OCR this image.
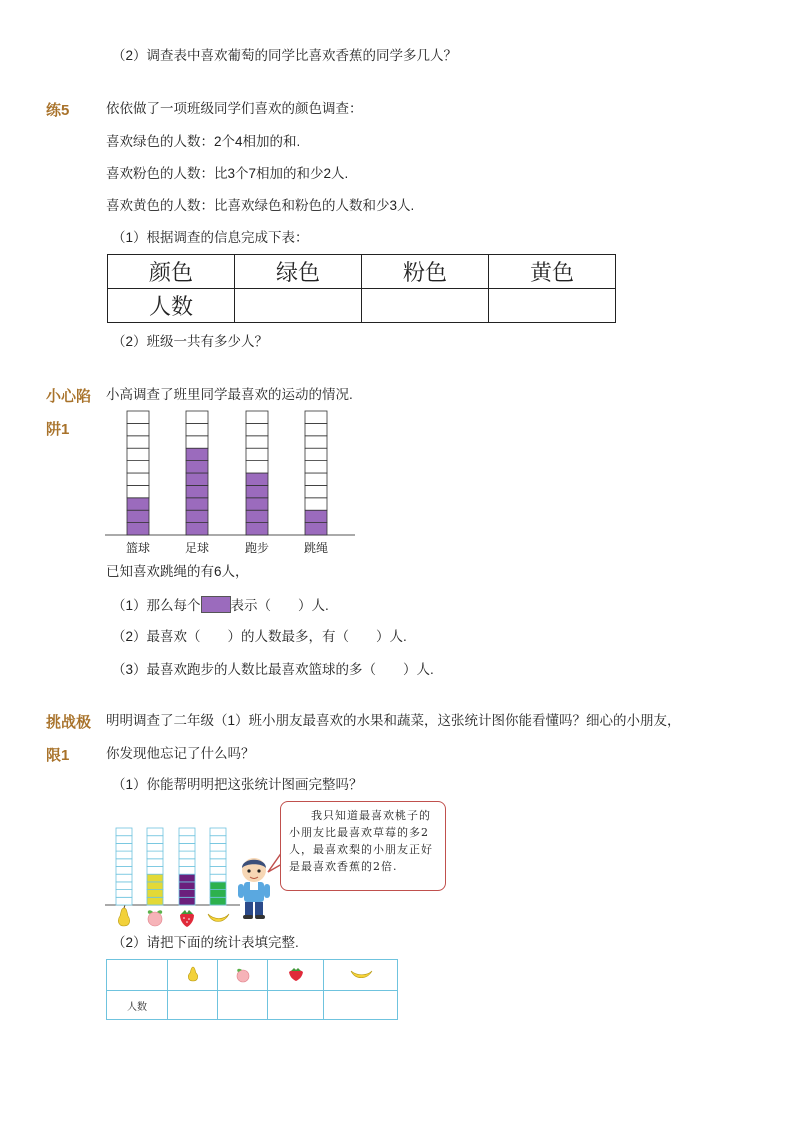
（2）调查表中喜欢葡萄的同学比喜欢香蕉的同学多几人？
练5	依依做了一项班级同学们喜欢的颜色调查：
喜欢绿色的人数：2个4相加的和.
喜欢粉色的人数：比3个7相加的和少2人.
喜欢黄色的人数：比喜欢绿色和粉色的人数和少3人.
（1）根据调查的信息完成下表：
颜色	绿色	粉色	黄色
人数			
（2）班级一共有多少人？
小心陷
阱1
小高调查了班里同学最喜欢的运动的情况.
篮球	足球	跑步	跳绳
已知喜欢跳绳的有6人，
（1）那么每个 表示（　　）人.
（2）最喜欢（　　）的人数最多，有（　　）人.
（3）最喜欢跑步的人数比最喜欢篮球的多（　　）人.
挑战极
限1
明明调查了二年级（1）班小朋友最喜欢的水果和蔬菜，这张统计图你能看懂吗？细心的小朋友，
你发现他忘记了什么吗？
（1）你能帮明明把这张统计图画完整吗？
我只知道最喜欢桃子的小朋友比最喜欢草莓的多2人，最喜欢梨的小朋友正好是最喜欢香蕉的2倍.
（2）请把下面的统计表填完整.

人数				
